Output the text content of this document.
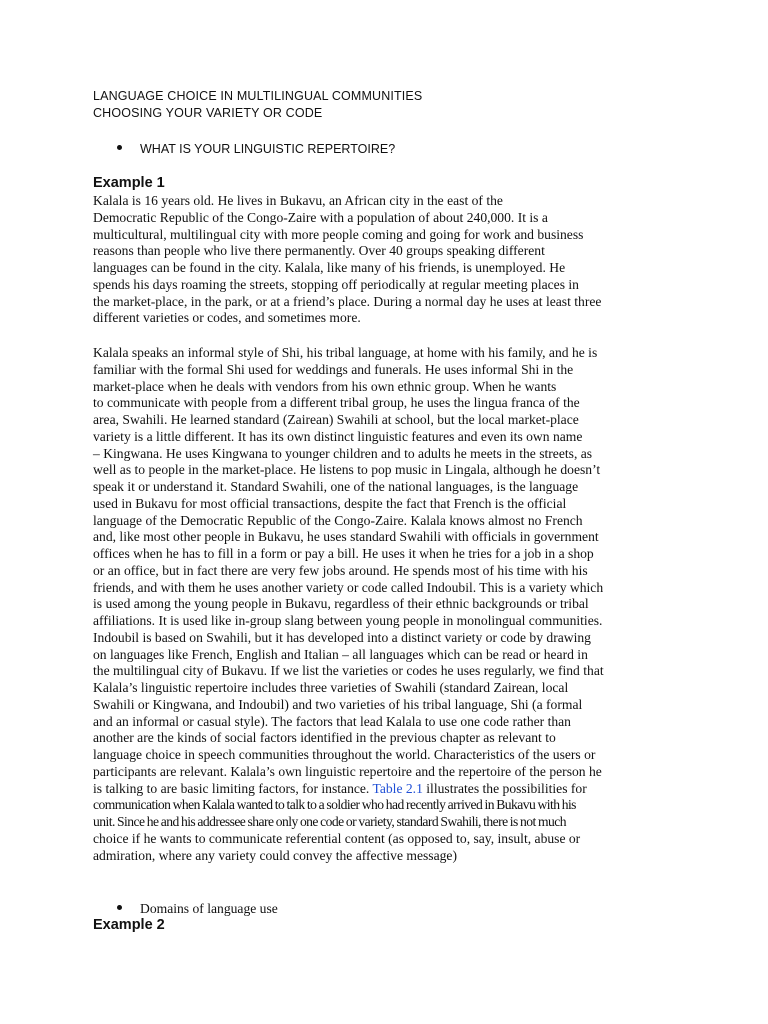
LANGUAGE CHOICE IN MULTILINGUAL COMMUNITIES
CHOOSING YOUR VARIETY OR CODE
WHAT IS YOUR LINGUISTIC REPERTOIRE?
Example 1
Kalala is 16 years old. He lives in Bukavu, an African city in the east of the
Democratic Republic of the Congo-Zaire with a population of about 240,000. It is a
multicultural, multilingual city with more people coming and going for work and business
reasons than people who live there permanently. Over 40 groups speaking different
languages can be found in the city. Kalala, like many of his friends, is unemployed. He
spends his days roaming the streets, stopping off periodically at regular meeting places in
the market-place, in the park, or at a friend’s place. During a normal day he uses at least three
different varieties or codes, and sometimes more.
Kalala speaks an informal style of Shi, his tribal language, at home with his family, and he is
familiar with the formal Shi used for weddings and funerals. He uses informal Shi in the
market-place when he deals with vendors from his own ethnic group. When he wants
to communicate with people from a different tribal group, he uses the lingua franca of the
area, Swahili. He learned standard (Zairean) Swahili at school, but the local market-place
variety is a little different. It has its own distinct linguistic features and even its own name
– Kingwana. He uses Kingwana to younger children and to adults he meets in the streets, as
well as to people in the market-place. He listens to pop music in Lingala, although he doesn’t
speak it or understand it. Standard Swahili, one of the national languages, is the language
used in Bukavu for most official transactions, despite the fact that French is the official
language of the Democratic Republic of the Congo-Zaire. Kalala knows almost no French
and, like most other people in Bukavu, he uses standard Swahili with officials in government
offices when he has to fill in a form or pay a bill. He uses it when he tries for a job in a shop
or an office, but in fact there are very few jobs around. He spends most of his time with his
friends, and with them he uses another variety or code called Indoubil. This is a variety which
is used among the young people in Bukavu, regardless of their ethnic backgrounds or tribal
affiliations. It is used like in-group slang between young people in monolingual communities.
Indoubil is based on Swahili, but it has developed into a distinct variety or code by drawing
on languages like French, English and Italian – all languages which can be read or heard in
the multilingual city of Bukavu. If we list the varieties or codes he uses regularly, we find that
Kalala’s linguistic repertoire includes three varieties of Swahili (standard Zairean, local
Swahili or Kingwana, and Indoubil) and two varieties of his tribal language, Shi (a formal
and an informal or casual style). The factors that lead Kalala to use one code rather than
another are the kinds of social factors identified in the previous chapter as relevant to
language choice in speech communities throughout the world. Characteristics of the users or
participants are relevant. Kalala’s own linguistic repertoire and the repertoire of the person he
is talking to are basic limiting factors, for instance. Table 2.1 illustrates the possibilities for
communication when Kalala wanted to talk to a soldier who had recently arrived in Bukavu with his
unit. Since he and his addressee share only one code or variety, standard Swahili, there is not much
choice if he wants to communicate referential content (as opposed to, say, insult, abuse or
admiration, where any variety could convey the affective message)
Domains of language use
Example 2
